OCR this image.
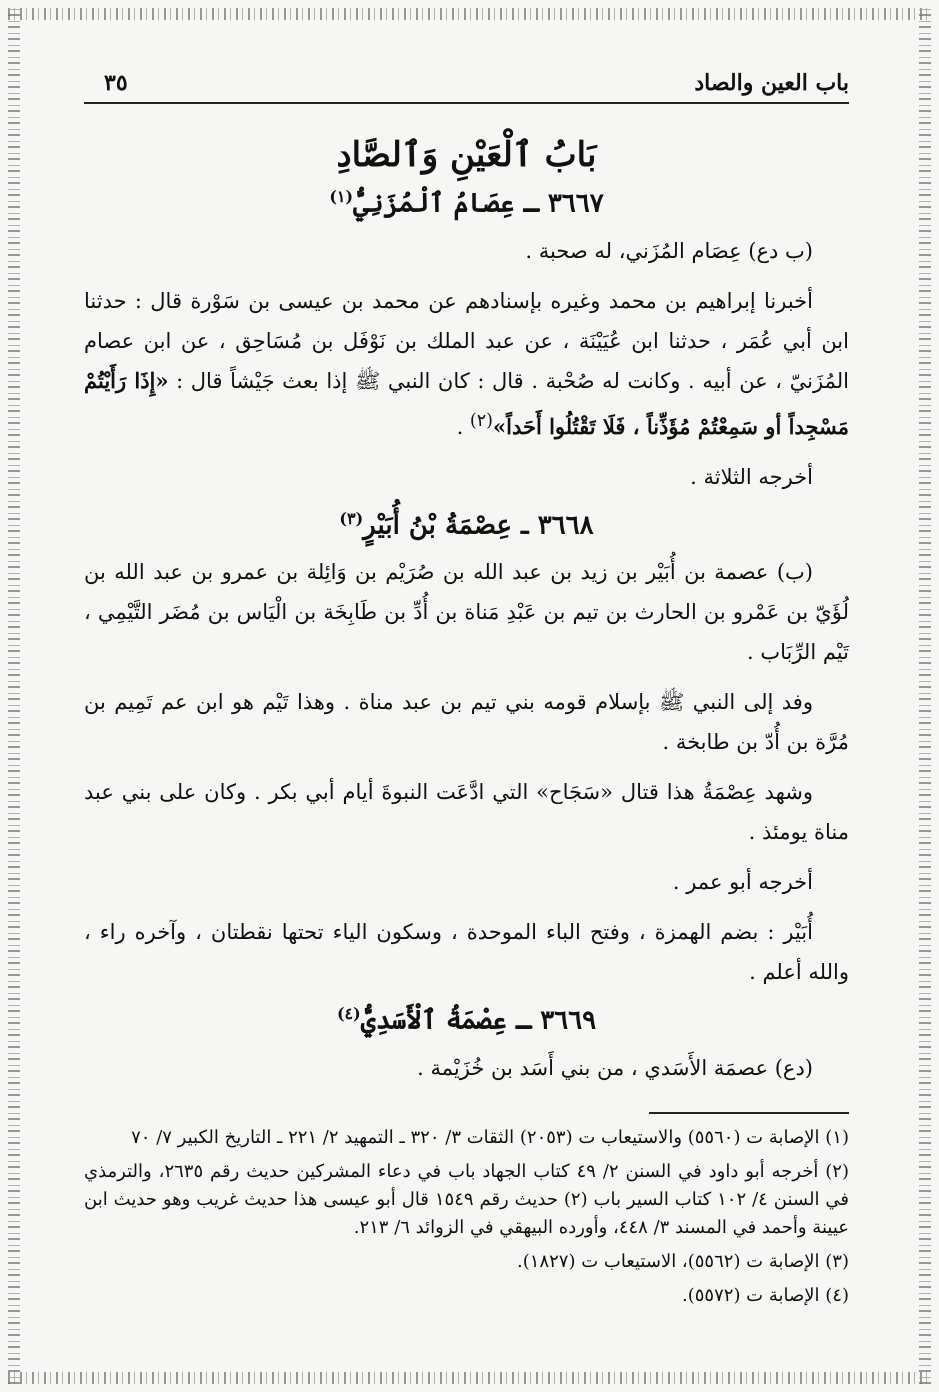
باب العين والصاد
٣٥
بَابُ ٱلْعَيْنِ وَٱلصَّادِ
٣٦٦٧ ـ عِصَامُ ٱلْمُزَنِيُّ$^{(١)}$

(ب دع) عِصَام المُزَني، له صحبة .

أخبرنا إبراهيم بن محمد وغيره بإسنادهم عن محمد بن عيسى بن سَوْرة قال : حدثنا ابن أبي عُمَر ، حدثنا ابن عُيَيْنَة ، عن عبد الملك بن نَوْفَل بن مُسَاحِق ، عن ابن عصام المُزَنيّ ، عن أبيه . وكانت له صُحْبة . قال : كان النبي ﷺ إذا بعث جَيْشاً قال : «إِذَا رَأَيْتُمْ مَسْجِداً أو سَمِعْتُمْ مُؤَذِّناً ، فَلَا تَقْتُلُوا أَحَداً»$^{(٢)}$ .

أخرجه الثلاثة .

٣٦٦٨ ـ عِصْمَةُ بْنُ أُبَيْرٍ$^{(٣)}$

(ب) عصمة بن أُبَيْر بن زيد بن عبد الله بن صُرَيْم بن وَائِلة بن عمرو بن عبد الله بن لُؤَيّ بن عَمْرو بن الحارث بن تيم بن عَبْدِ مَناة بن أُدِّ بن طَابِخَة بن الْيَاس بن مُضَر التَّيْمِي ، تَيْم الرِّبَاب .

وفد إلى النبي ﷺ بإسلام قومه بني تيم بن عبد مناة . وهذا تَيْم هو ابن عم تَمِيم بن مُرَّة بن أُدّ بن طابخة .

وشهد عِصْمَةُ هذا قتال «سَجَاح» التي ادَّعَت النبوةَ أيام أبي بكر . وكان على بني عبد مناة يومئذ .

أخرجه أبو عمر .

أُبَيْر : بضم الهمزة ، وفتح الباء الموحدة ، وسكون الياء تحتها نقطتان ، وآخره راء ، والله أعلم .

٣٦٦٩ ـ عِصْمَةُ ٱلْأَسَدِيُّ$^{(٤)}$

(دع) عصمَة الأَسَدي ، من بني أَسَد بن خُزَيْمة .

(١) الإصابة ت (٥٥٦٠) والاستيعاب ت (٢٠٥٣) الثقات ٣/ ٣٢٠ ـ التمهيد ٢/ ٢٢١ ـ التاريخ الكبير ٧/ ٧٠

(٢) أخرجه أبو داود في السنن ٢/ ٤٩ كتاب الجهاد باب في دعاء المشركين حديث رقم ٢٦٣٥، والترمذي في السنن ٤/ ١٠٢ كتاب السير باب (٢) حديث رقم ١٥٤٩ قال أبو عيسى هذا حديث غريب وهو حديث ابن عيينة وأحمد في المسند ٣/ ٤٤٨، وأورده البيهقي في الزوائد ٦/ ٢١٣.

(٣) الإصابة ت (٥٥٦٢)، الاستيعاب ت (١٨٢٧).

(٤) الإصابة ت (٥٥٧٢).
